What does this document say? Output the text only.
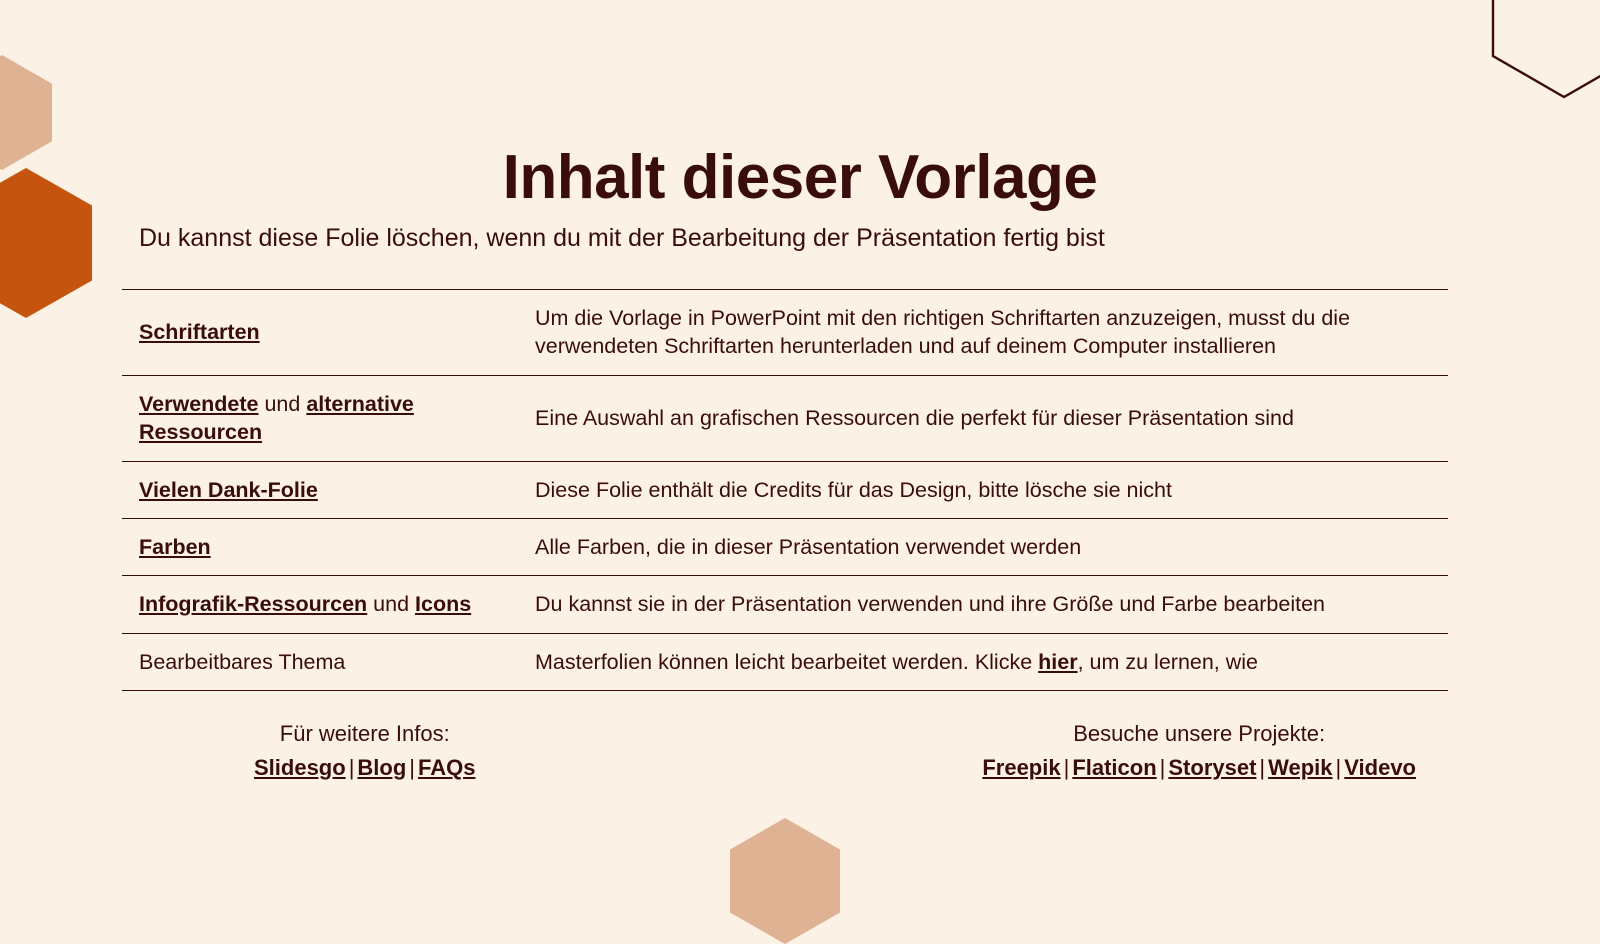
Inhalt dieser Vorlage
Du kannst diese Folie löschen, wenn du mit der Bearbeitung der Präsentation fertig bist
Schriftarten	Um die Vorlage in PowerPoint mit den richtigen Schriftarten anzuzeigen, musst du die verwendeten Schriftarten herunterladen und auf deinem Computer installieren
Verwendete und alternative Ressourcen	Eine Auswahl an grafischen Ressourcen die perfekt für dieser Präsentation sind
Vielen Dank-Folie	Diese Folie enthält die Credits für das Design, bitte lösche sie nicht
Farben	Alle Farben, die in dieser Präsentation verwendet werden
Infografik-Ressourcen und Icons	Du kannst sie in der Präsentation verwenden und ihre Größe und Farbe bearbeiten
Bearbeitbares Thema	Masterfolien können leicht bearbeitet werden. Klicke hier, um zu lernen, wie
Für weitere Infos:
Slidesgo | Blog | FAQs
Besuche unsere Projekte:
Freepik | Flaticon | Storyset | Wepik | Videvo
